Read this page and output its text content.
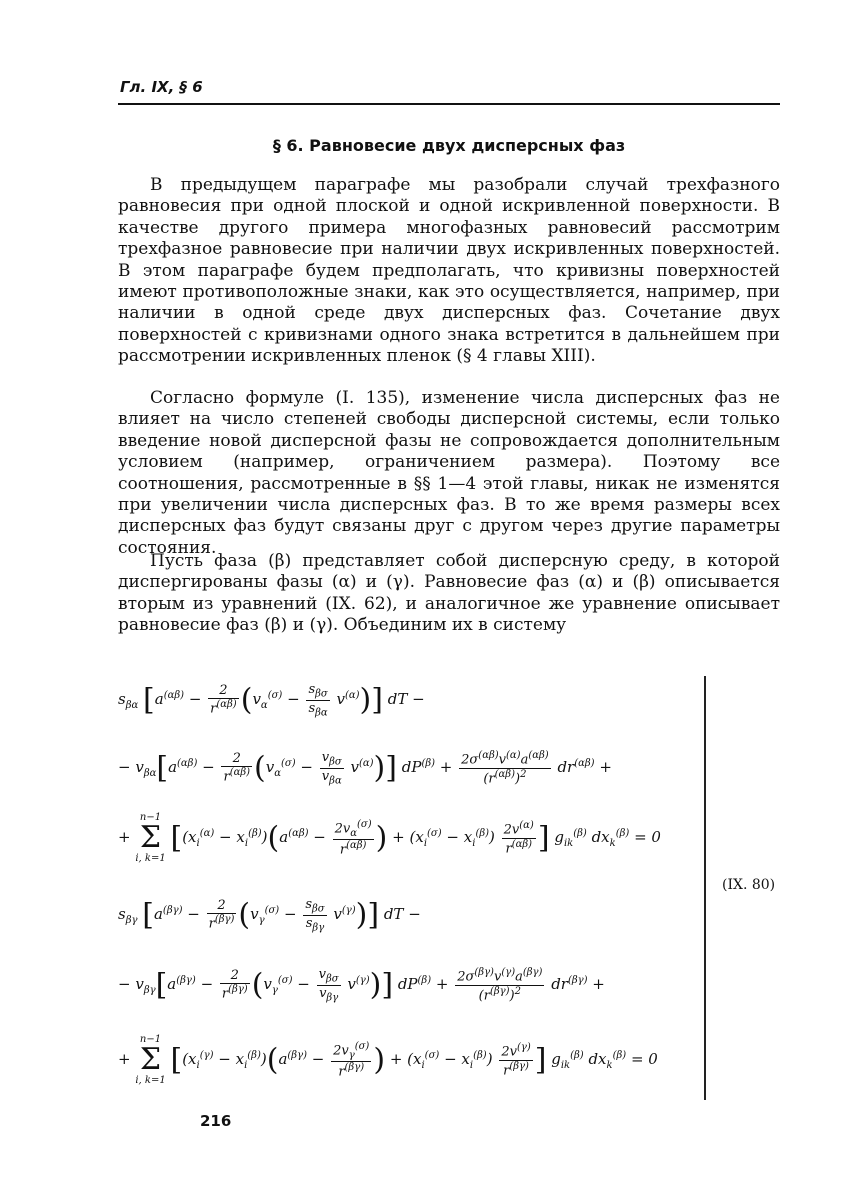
Гл. IX, § 6
§ 6. Равновесие двух дисперсных фаз

В предыдущем параграфе мы разобрали случай трехфазного равновесия при одной плоской и одной искривленной поверхности. В качестве другого примера многофазных равновесий рассмотрим трехфазное равновесие при наличии двух искривленных поверхностей. В этом параграфе будем предполагать, что кривизны поверхностей имеют противоположные знаки, как это осуществляется, например, при наличии в одной среде двух дисперсных фаз. Сочетание двух поверхностей с кривизнами одного знака встретится в дальнейшем при рассмотрении искривленных пленок (§ 4 главы XIII).

Согласно формуле (I. 135), изменение числа дисперсных фаз не влияет на число степеней свободы дисперсной системы, если только введение новой дисперсной фазы не сопровождается дополнительным условием (например, ограничением размера). Поэтому все соотношения, рассмотренные в §§ 1—4 этой главы, никак не изменятся при увеличении числа дисперсных фаз. В то же время размеры всех дисперсных фаз будут связаны друг с другом через другие параметры состояния.

Пусть фаза (β) представляет собой дисперсную среду, в которой диспергированы фазы (α) и (γ). Равновесие фаз (α) и (β) описывается вторым из уравнений (IX. 62), и аналогичное же уравнение описывает равновесие фаз (β) и (γ). Объединим их в систему

$s_{\beta\alpha}$ $[a^{(\alpha\beta)} - \frac{2}{r^{(\alpha\beta)}} (v_\alpha^{(\sigma)} - \frac{s_{\beta\sigma}}{s_{\beta\alpha}} v^{(\alpha)})]$ dT −
− $v_{\beta\alpha}[a^{(\alpha\beta)} - \frac{2}{r^{(\alpha\beta)}} (v_\alpha^{(\sigma)} - \frac{v_{\beta\sigma}}{v_{\beta\alpha}} v^{(\alpha)})] dP^{(\beta)} + \frac{2\sigma^{(\alpha\beta)}v^{(\alpha)}a^{(\alpha\beta)}}{(r^{(\alpha\beta)})^2} dr^{(\alpha\beta)}$ +
+
n−1
Σ
i, k=1
[$(x_i^{(\alpha)} - x_i^{(\beta)})(a^{(\alpha\beta)} - \frac{2v_\alpha^{(\sigma)}}{r^{(\alpha\beta)}}$ ) + $(x_i^{(\sigma)} - x_i^{(\beta)}) \frac{2v^{(\alpha)}}{r^{(\alpha\beta)}}$ ] $g_{ik}^{(\beta)}$ $dx_k^{(\beta)} = 0$
$s_{\beta\gamma}$ $[a^{(\beta\gamma)} - \frac{2}{r^{(\beta\gamma)}} (v_\gamma^{(\sigma)} - \frac{s_{\beta\sigma}}{s_{\beta\gamma}} v^{(\gamma)})]$ dT −
− $v_{\beta\gamma}[a^{(\beta\gamma)} - \frac{2}{r^{(\beta\gamma)}} (v_\gamma^{(\sigma)} - \frac{v_{\beta\sigma}}{v_{\beta\gamma}} v^{(\gamma)})] dP^{(\beta)} + \frac{2\sigma^{(\beta\gamma)}v^{(\gamma)}a^{(\beta\gamma)}}{(r^{(\beta\gamma)})^2} dr^{(\beta\gamma)}$ +
+
n−1
Σ
i, k=1
[$(x_i^{(\gamma)} - x_i^{(\beta)})(a^{(\beta\gamma)} - \frac{2v_\gamma^{(\sigma)}}{r^{(\beta\gamma)}}$ ) + $(x_i^{(\sigma)} - x_i^{(\beta)}) \frac{2v^{(\gamma)}}{r^{(\beta\gamma)}}$ ] $g_{ik}^{(\beta)}$ $dx_k^{(\beta)} = 0$
(IX. 80)
216
